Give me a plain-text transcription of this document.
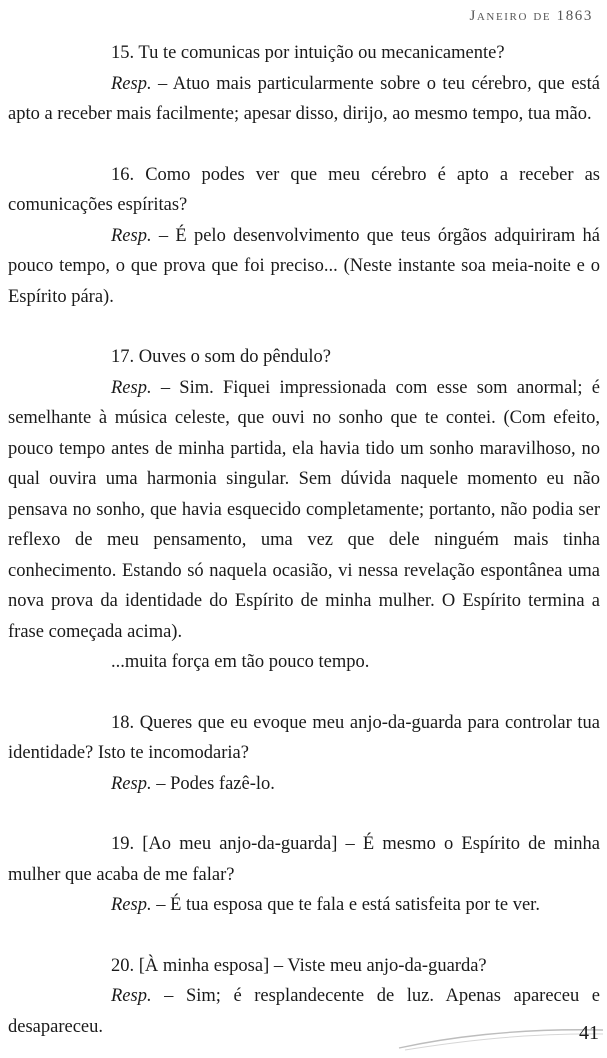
Janeiro de 1863

15. Tu te comunicas por intuição ou mecanicamente?

Resp. – Atuo mais particularmente sobre o teu cérebro, que está apto a receber mais facilmente; apesar disso, dirijo, ao mesmo tempo, tua mão.

16. Como podes ver que meu cérebro é apto a receber as comunicações espíritas?

Resp. – É pelo desenvolvimento que teus órgãos adquiriram há pouco tempo, o que prova que foi preciso... (Neste instante soa meia-noite e o Espírito pára).

17. Ouves o som do pêndulo?

Resp. – Sim. Fiquei impressionada com esse som anormal; é semelhante à música celeste, que ouvi no sonho que te contei. (Com efeito, pouco tempo antes de minha partida, ela havia tido um sonho maravilhoso, no qual ouvira uma harmonia singular. Sem dúvida naquele momento eu não pensava no sonho, que havia esquecido completamente; portanto, não podia ser reflexo de meu pensamento, uma vez que dele ninguém mais tinha conhecimento. Estando só naquela ocasião, vi nessa revelação espontânea uma nova prova da identidade do Espírito de minha mulher. O Espírito termina a frase começada acima).

...muita força em tão pouco tempo.

18. Queres que eu evoque meu anjo-da-guarda para controlar tua identidade? Isto te incomodaria?

Resp. – Podes fazê-lo.

19. [Ao meu anjo-da-guarda] – É mesmo o Espírito de minha mulher que acaba de me falar?

Resp. – É tua esposa que te fala e está satisfeita por te ver.

20. [À minha esposa] – Viste meu anjo-da-guarda?

Resp. – Sim; é resplandecente de luz. Apenas apareceu e desapareceu.	41
